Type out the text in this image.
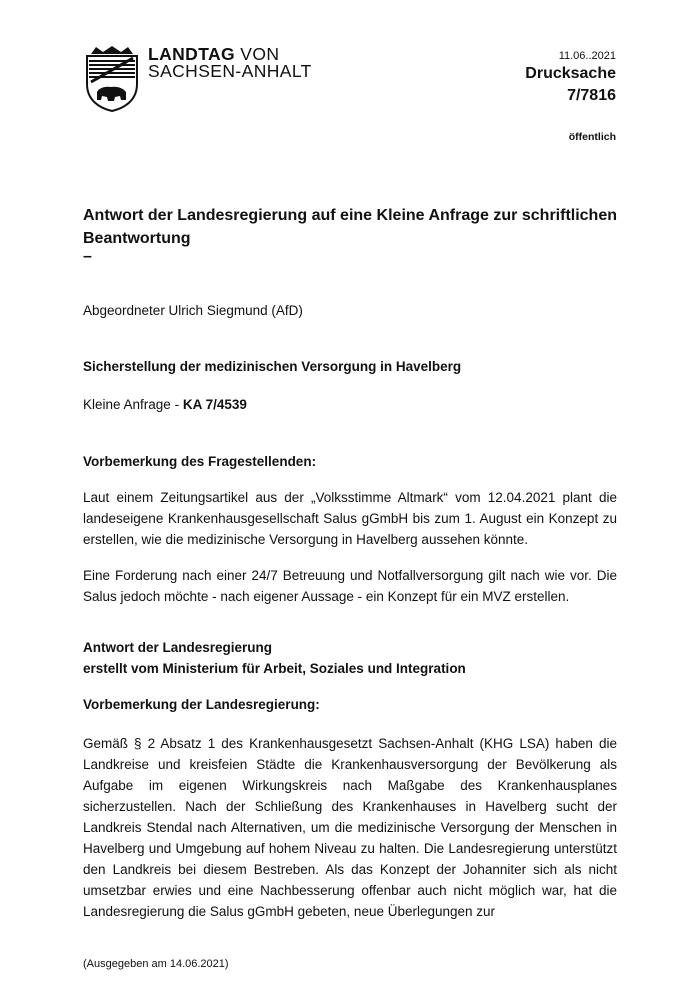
LANDTAG VON
SACHSEN-ANHALT
11.06..2021
Drucksache
7/7816
öffentlich
Antwort der Landesregierung auf eine Kleine Anfrage zur schriftlichen Beantwortung
–
Abgeordneter Ulrich Siegmund (AfD)
Sicherstellung der medizinischen Versorgung in Havelberg
Kleine Anfrage - KA 7/4539
Vorbemerkung des Fragestellenden:
Laut einem Zeitungsartikel aus der „Volksstimme Altmark“ vom 12.04.2021 plant die landeseigene Krankenhausgesellschaft Salus gGmbH bis zum 1. August ein Konzept zu erstellen, wie die medizinische Versorgung in Havelberg aussehen könnte.
Eine Forderung nach einer 24/7 Betreuung und Notfallversorgung gilt nach wie vor. Die Salus jedoch möchte - nach eigener Aussage - ein Konzept für ein MVZ erstellen.
Antwort der Landesregierung
erstellt vom Ministerium für Arbeit, Soziales und Integration
Vorbemerkung der Landesregierung:
Gemäß § 2 Absatz 1 des Krankenhausgesetzt Sachsen-Anhalt (KHG LSA) haben die Landkreise und kreisfeien Städte die Krankenhausversorgung der Bevölkerung als Aufgabe im eigenen Wirkungskreis nach Maßgabe des Krankenhausplanes sicherzustellen. Nach der Schließung des Krankenhauses in Havelberg sucht der Landkreis Stendal nach Alternativen, um die medizinische Versorgung der Menschen in Havelberg und Umgebung auf hohem Niveau zu halten. Die Landesregierung unterstützt den Landkreis bei diesem Bestreben. Als das Konzept der Johanniter sich als nicht umsetzbar erwies und eine Nachbesserung offenbar auch nicht möglich war, hat die Landesregierung die Salus gGmbH gebeten, neue Überlegungen zur
(Ausgegeben am 14.06.2021)
